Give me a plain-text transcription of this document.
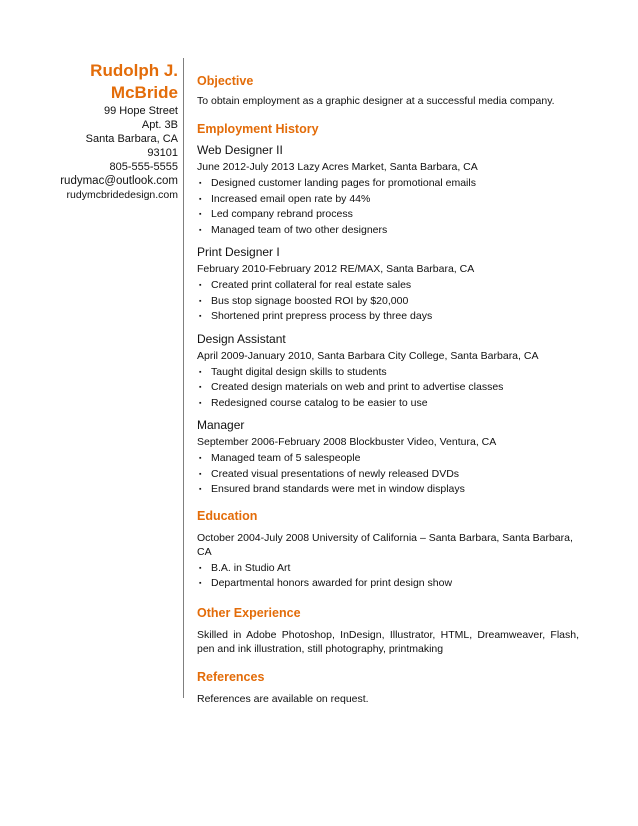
Rudolph J.
McBride
99 Hope Street
Apt. 3B
Santa Barbara, CA
93101
805-555-5555
rudymac@outlook.com
rudymcbridedesign.com
Objective

To obtain employment as a graphic designer at a successful media company.

Employment History
Web Designer II
June 2012-July 2013 Lazy Acres Market, Santa Barbara, CA
▪ Designed customer landing pages for promotional emails
▪ Increased email open rate by 44%
▪ Led company rebrand process
▪ Managed team of two other designers
Print Designer I
February 2010-February 2012 RE/MAX, Santa Barbara, CA
▪ Created print collateral for real estate sales
▪ Bus stop signage boosted ROI by $20,000
▪ Shortened print prepress process by three days
Design Assistant
April 2009-January 2010, Santa Barbara City College, Santa Barbara, CA
▪ Taught digital design skills to students
▪ Created design materials on web and print to advertise classes
▪ Redesigned course catalog to be easier to use
Manager
September 2006-February 2008 Blockbuster Video, Ventura, CA
▪ Managed team of 5 salespeople
▪ Created visual presentations of newly released DVDs
▪ Ensured brand standards were met in window displays
Education
October 2004-July 2008 University of California – Santa Barbara, Santa Barbara, CA
▪ B.A. in Studio Art
▪ Departmental honors awarded for print design show
Other Experience

Skilled in Adobe Photoshop, InDesign, Illustrator, HTML, Dreamweaver, Flash, pen and ink illustration, still photography, printmaking

References

References are available on request.
